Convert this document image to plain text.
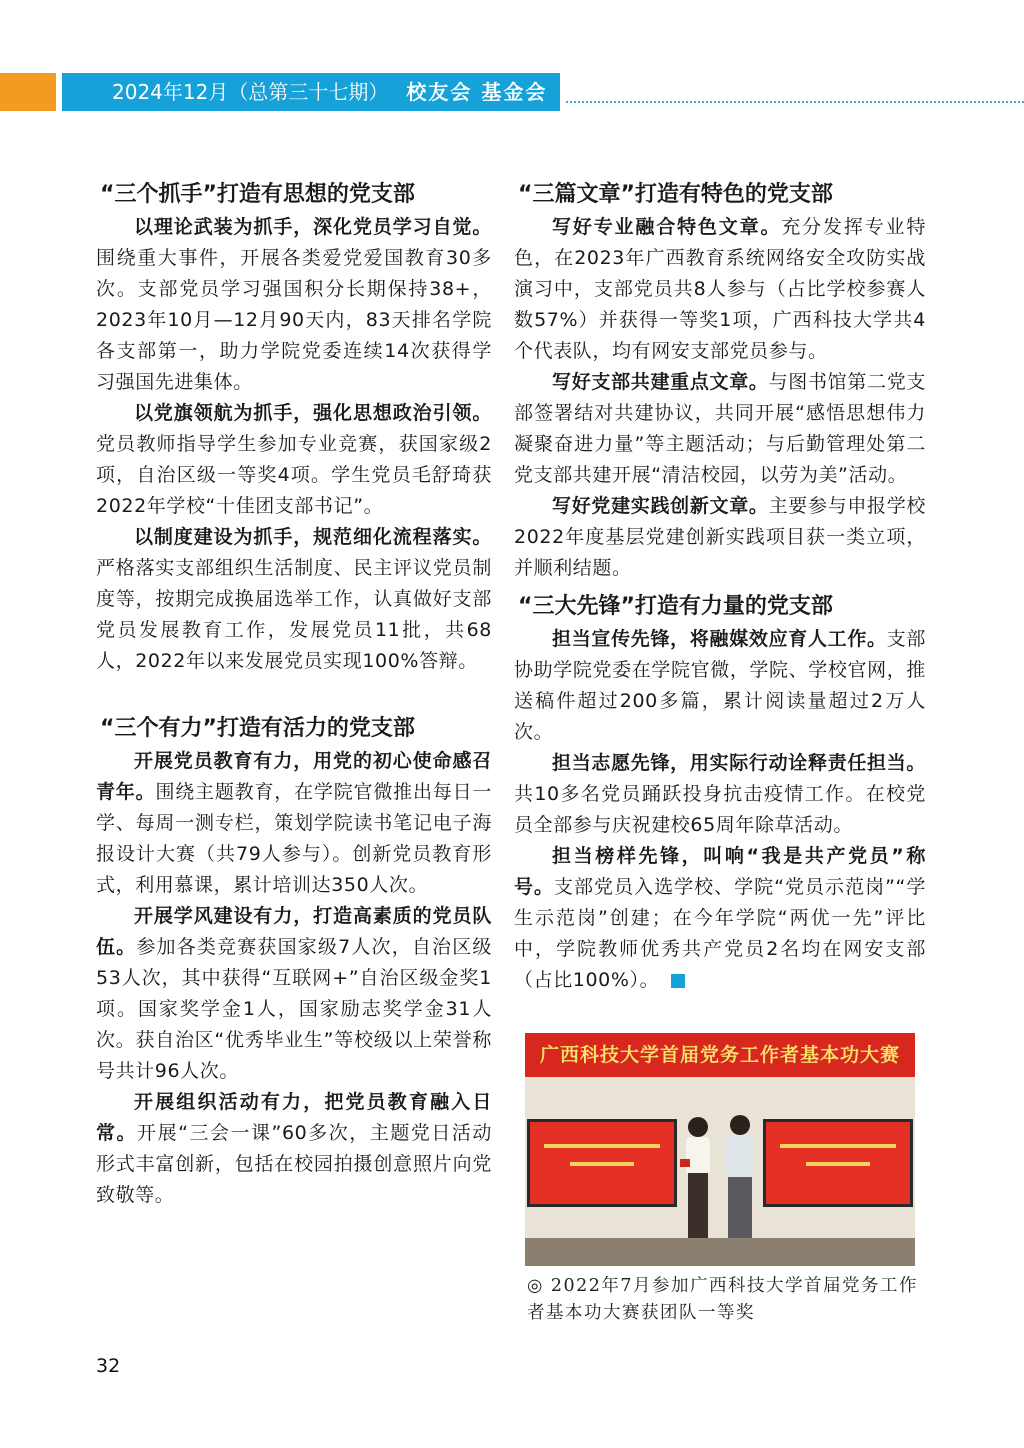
2024年12月（总第三十七期） 校友会 基金会
“三个抓手”打造有思想的党支部

以理论武装为抓手，深化党员学习自觉。围绕重大事件，开展各类爱党爱国教育30多次。支部党员学习强国积分长期保持38+，2023年10月—12月90天内，83天排名学院各支部第一，助力学院党委连续14次获得学习强国先进集体。

以党旗领航为抓手，强化思想政治引领。党员教师指导学生参加专业竞赛，获国家级2项，自治区级一等奖4项。学生党员毛舒琦获2022年学校“十佳团支部书记”。

以制度建设为抓手，规范细化流程落实。严格落实支部组织生活制度、民主评议党员制度等，按期完成换届选举工作，认真做好支部党员发展教育工作，发展党员11批，共68人，2022年以来发展党员实现100%答辩。

“三个有力”打造有活力的党支部

开展党员教育有力，用党的初心使命感召青年。围绕主题教育，在学院官微推出每日一学、每周一测专栏，策划学院读书笔记电子海报设计大赛（共79人参与）。创新党员教育形式，利用慕课，累计培训达350人次。

开展学风建设有力，打造高素质的党员队伍。参加各类竞赛获国家级7人次，自治区级53人次，其中获得“互联网+”自治区级金奖1项。国家奖学金1人，国家励志奖学金31人次。获自治区“优秀毕业生”等校级以上荣誉称号共计96人次。

开展组织活动有力，把党员教育融入日常。开展“三会一课”60多次，主题党日活动形式丰富创新，包括在校园拍摄创意照片向党致敬等。

“三篇文章”打造有特色的党支部

写好专业融合特色文章。充分发挥专业特色，在2023年广西教育系统网络安全攻防实战演习中，支部党员共8人参与（占比学校参赛人数57%）并获得一等奖1项，广西科技大学共4个代表队，均有网安支部党员参与。

写好支部共建重点文章。与图书馆第二党支部签署结对共建协议，共同开展“感悟思想伟力　凝聚奋进力量”等主题活动；与后勤管理处第二党支部共建开展“清洁校园，以劳为美”活动。

写好党建实践创新文章。主要参与申报学校2022年度基层党建创新实践项目获一类立项，并顺利结题。

“三大先锋”打造有力量的党支部

担当宣传先锋，将融媒效应育人工作。支部协助学院党委在学院官微，学院、学校官网，推送稿件超过200多篇，累计阅读量超过2万人次。

担当志愿先锋，用实际行动诠释责任担当。共10多名党员踊跃投身抗击疫情工作。在校党员全部参与庆祝建校65周年除草活动。

担当榜样先锋，叫响“我是共产党员”称号。支部党员入选学校、学院“党员示范岗”“学生示范岗”创建；在今年学院“两优一先”评比中，学院教师优秀共产党员2名均在网安支部（占比100%）。

广西科技大学首届党务工作者基本功大赛
◎ 2022年7月参加广西科技大学首届党务工作者基本功大赛获团队一等奖
32
